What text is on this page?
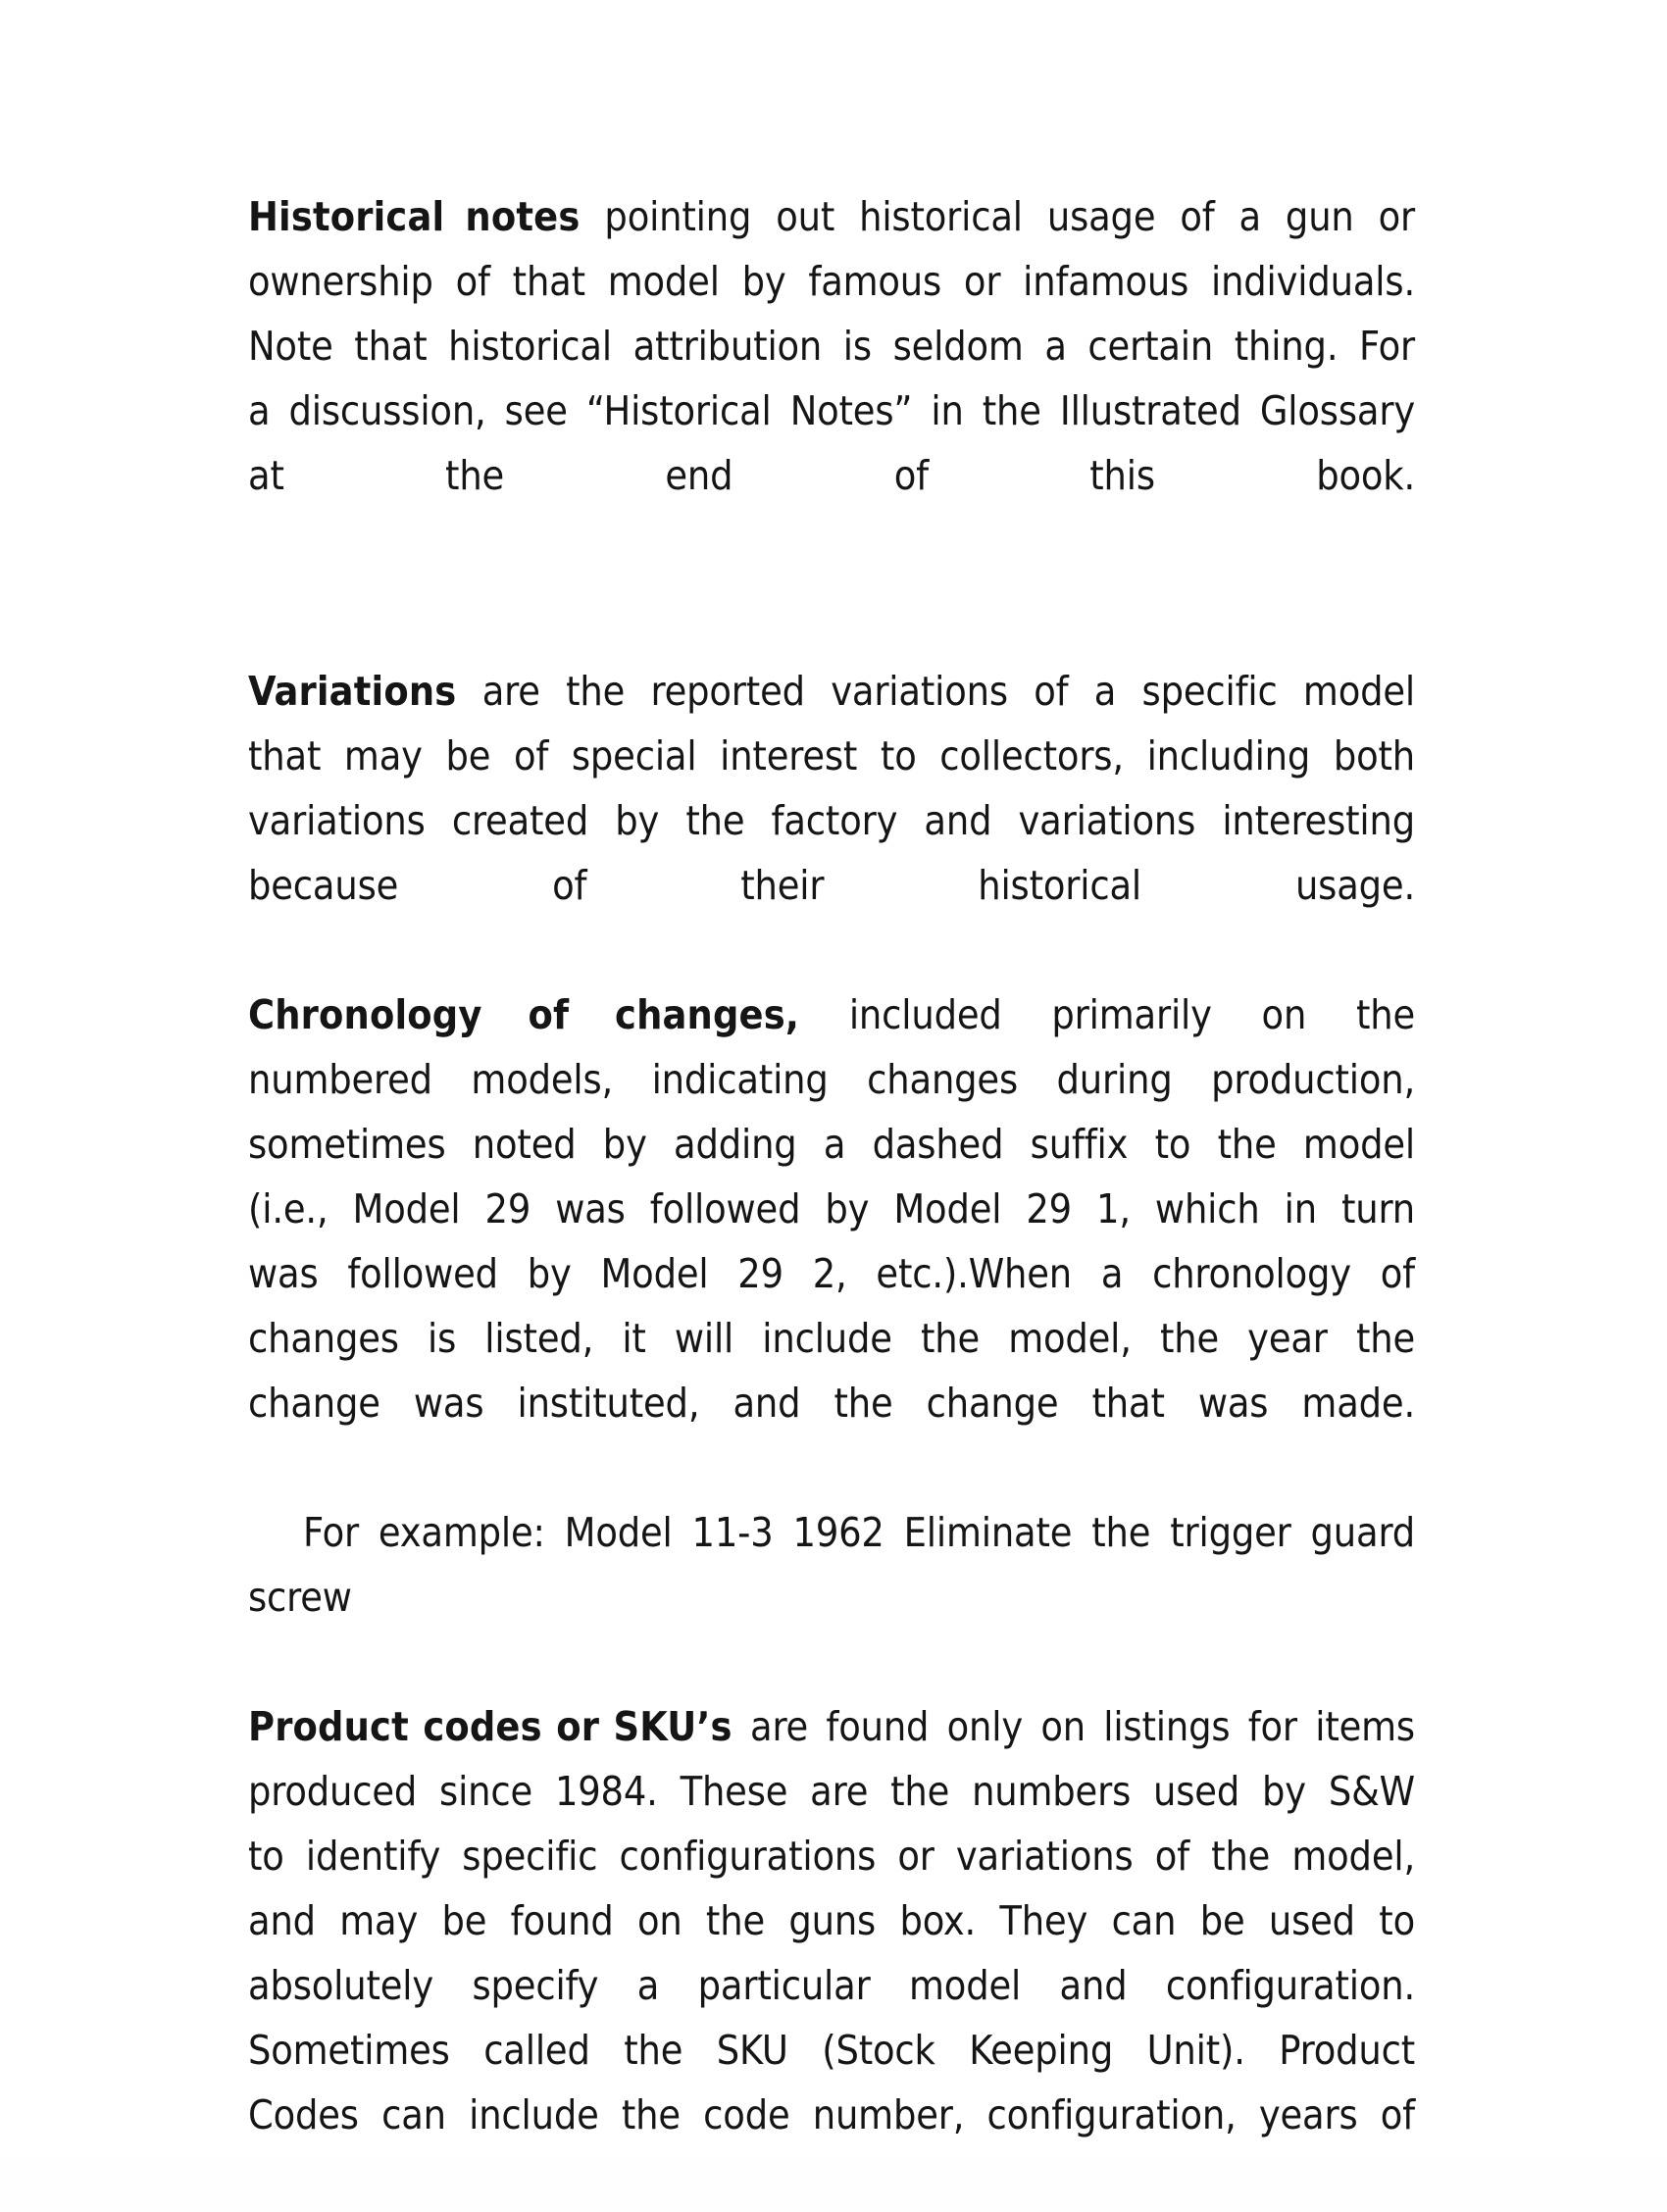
Historical notes pointing out historical usage of a gun or ownership of that model by famous or infamous individuals. Note that historical attribution is seldom a certain thing. For a discussion, see “Historical Notes” in the Illustrated Glossary at the end of this book.

Variations are the reported variations of a specific model that may be of special interest to collectors, including both variations created by the factory and variations interesting because of their historical usage.

Chronology of changes, included primarily on the numbered models, indicating changes during production, sometimes noted by adding a dashed suffix to the model (i.e., Model 29 was followed by Model 29 1, which in turn was followed by Model 29 2, etc.).When a chronology of changes is listed, it will include the model, the year the change was instituted, and the change that was made.

For example: Model 11-3 1962 Eliminate the trigger guard screw

Product codes or SKU’s are found only on listings for items produced since 1984. These are the numbers used by S&W to identify specific configurations or variations of the model, and may be found on the guns box. They can be used to absolutely specify a particular model and configuration. Sometimes called the SKU (Stock Keeping Unit). Product Codes can include the code number, configuration, years of
